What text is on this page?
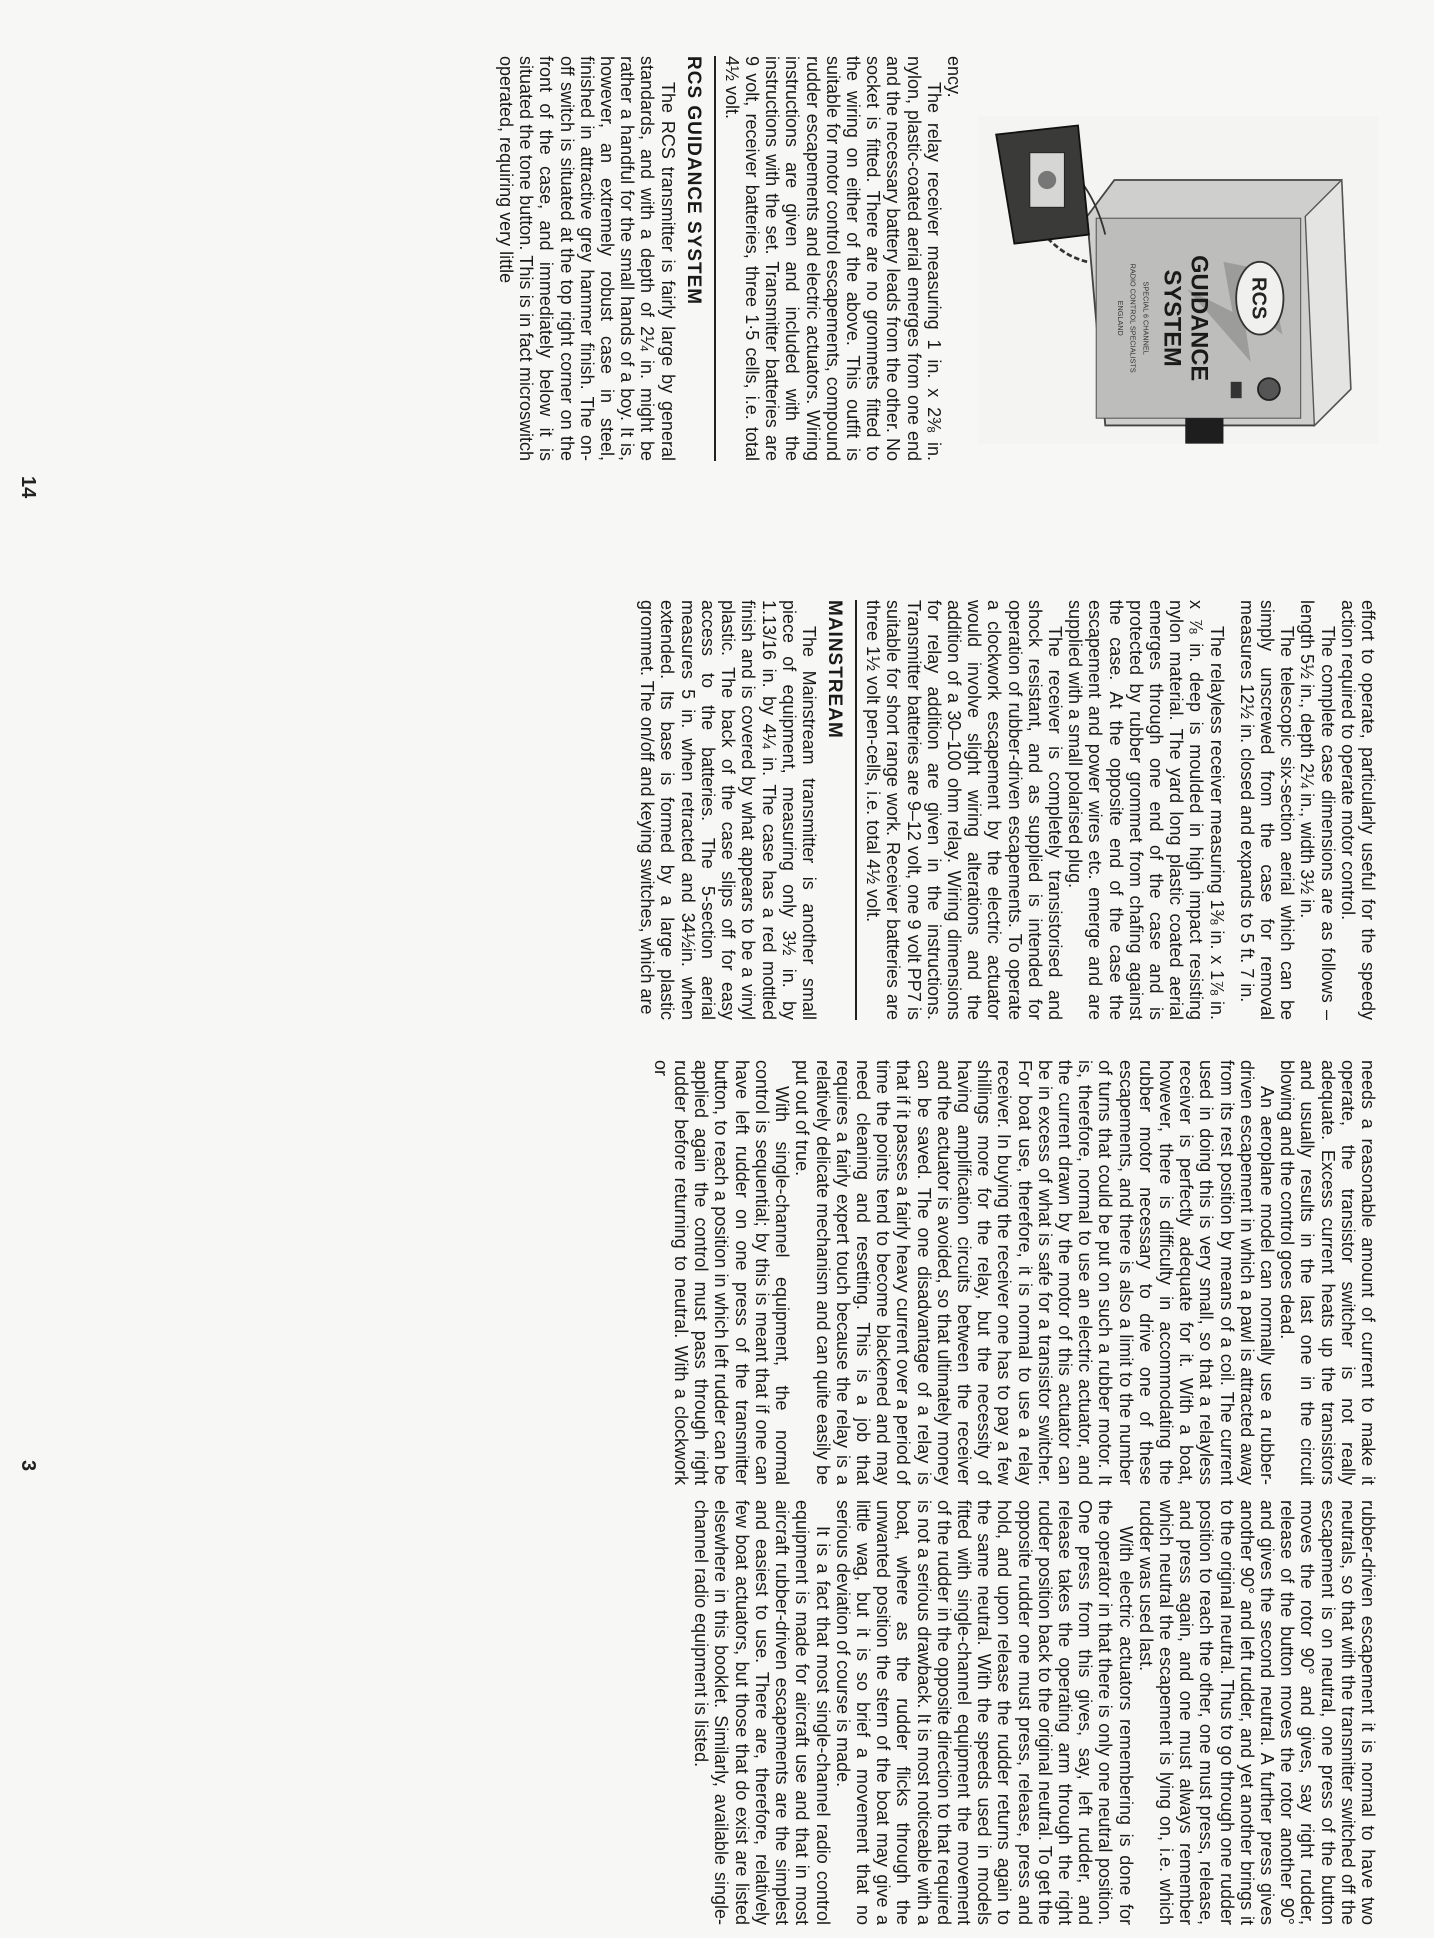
RCS
GUIDANCE
SYSTEM
SPECIAL 6 CHANNEL
RADIO CONTROL SPECIALISTS
ENGLAND

effort to operate, particularly useful for the speedy action required to operate motor control.

The complete case dimensions are as follows – length 5½ in., depth 2¼ in., width 3½ in.

The telescopic six-section aerial which can be simply unscrewed from the case for removal measures 12½ in. closed and expands to 5 ft. 7 in.

The relayless receiver measuring 1⅜ in. x 1⅞ in. x ⅞ in. deep is moulded in high impact resisting nylon material. The yard long plastic coated aerial emerges through one end of the case and is protected by rubber grommet from chafing against the case. At the opposite end of the case the escapement and power wires etc. emerge and are supplied with a small polarised plug.

The receiver is completely transistorised and shock resistant, and as supplied is intended for operation of rubber-driven escapements. To operate a clockwork escapement by the electric actuator would involve slight wiring alterations and the addition of a 30–100 ohm relay. Wiring dimensions for relay addition are given in the instructions. Transmitter batteries are 9–12 volt, one 9 volt PP7 is suitable for short range work. Receiver batteries are three 1½ volt pen-cells, i.e. total 4½ volt.

MAINSTREAM

The Mainstream transmitter is another small piece of equipment, measuring only 3½ in. by 1.13/16 in. by 4¼ in. The case has a red mottled finish and is covered by what appears to be a vinyl plastic. The back of the case slips off for easy access to the batteries. The 5-section aerial measures 5 in. when retracted and 34½in. when extended. Its base is formed by a large plastic grommet. The on/off and keying switches, which are

14

needs a reasonable amount of current to make it operate, the transistor switcher is not really adequate. Excess current heats up the transistors and usually results in the last one in the circuit blowing and the control goes dead.

An aeroplane model can normally use a rubber-driven escapement in which a pawl is attracted away from its rest position by means of a coil. The current used in doing this is very small, so that a relayless receiver is perfectly adequate for it. With a boat, however, there is difficulty in accommodating the rubber motor necessary to drive one of these escapements, and there is also a limit to the number of turns that could be put on such a rubber motor. It is, therefore, normal to use an electric actuator, and the current drawn by the motor of this actuator can be in excess of what is safe for a transistor switcher. For boat use, therefore, it is normal to use a relay receiver. In buying the receiver one has to pay a few shillings more for the relay, but the necessity of having amplification circuits between the receiver and the actuator is avoided, so that ultimately money can be saved. The one disadvantage of a relay is that if it passes a fairly heavy current over a period of time the points tend to become blackened and may need cleaning and resetting. This is a job that requires a fairly expert touch because the relay is a relatively delicate mechanism and can quite easily be put out of true.

With single-channel equipment, the normal control is sequential; by this is meant that if one can have left rudder on one press of the transmitter button, to reach a position in which left rudder can be applied again the control must pass through right rudder before returning to neutral. With a clockwork or

rubber-driven escapement it is normal to have two neutrals, so that with the transmitter switched off the escapement is on neutral, one press of the button moves the rotor 90° and gives, say right rudder, release of the button moves the rotor another 90° and gives the second neutral. A further press gives another 90° and left rudder, and yet another brings it to the original neutral. Thus to go through one rudder position to reach the other, one must press, release, and press again, and one must always remember which neutral the escapement is lying on, i.e. which rudder was used last.

With electric actuators remembering is done for the operator in that there is only one neutral position. One press from this gives, say, left rudder, and release takes the operating arm through the right rudder position back to the original neutral. To get the opposite rudder one must press, release, press and hold, and upon release the rudder returns again to the same neutral. With the speeds used in models fitted with single-channel equipment the movement of the rudder in the opposite direction to that required is not a serious drawback. It is most noticeable with a boat, where as the rudder flicks through the unwanted position the stern of the boat may give a little wag, but it is so brief a movement that no serious deviation of course is made.

It is a fact that most single-channel radio control equipment is made for aircraft use and that in most aircraft rubber-driven escapements are the simplest and easiest to use. There are, therefore, relatively few boat actuators, but those that do exist are listed elsewhere in this booklet. Similarly, available single-channel radio equipment is listed.

3

ency.

The relay receiver measuring 1 in. x 2⅜ in. nylon, plastic-coated aerial emerges from one end and the necessary battery leads from the other. No socket is fitted. There are no grommets fitted to the wiring on either of the above. This outfit is suitable for motor control escapements, compound rudder escapements and electric actuators. Wiring instructions are given and included with the instructions with the set. Transmitter batteries are 9 volt, receiver batteries, three 1·5 cells, i.e. total 4½ volt.

RCS GUIDANCE SYSTEM

The RCS transmitter is fairly large by general standards, and with a depth of 2¼ in. might be rather a handful for the small hands of a boy. It is, however, an extremely robust case in steel, finished in attractive grey hammer finish. The on-off switch is situated at the top right corner on the front of the case, and immediately below it is situated the tone button. This is in fact microswitch operated, requiring very little
